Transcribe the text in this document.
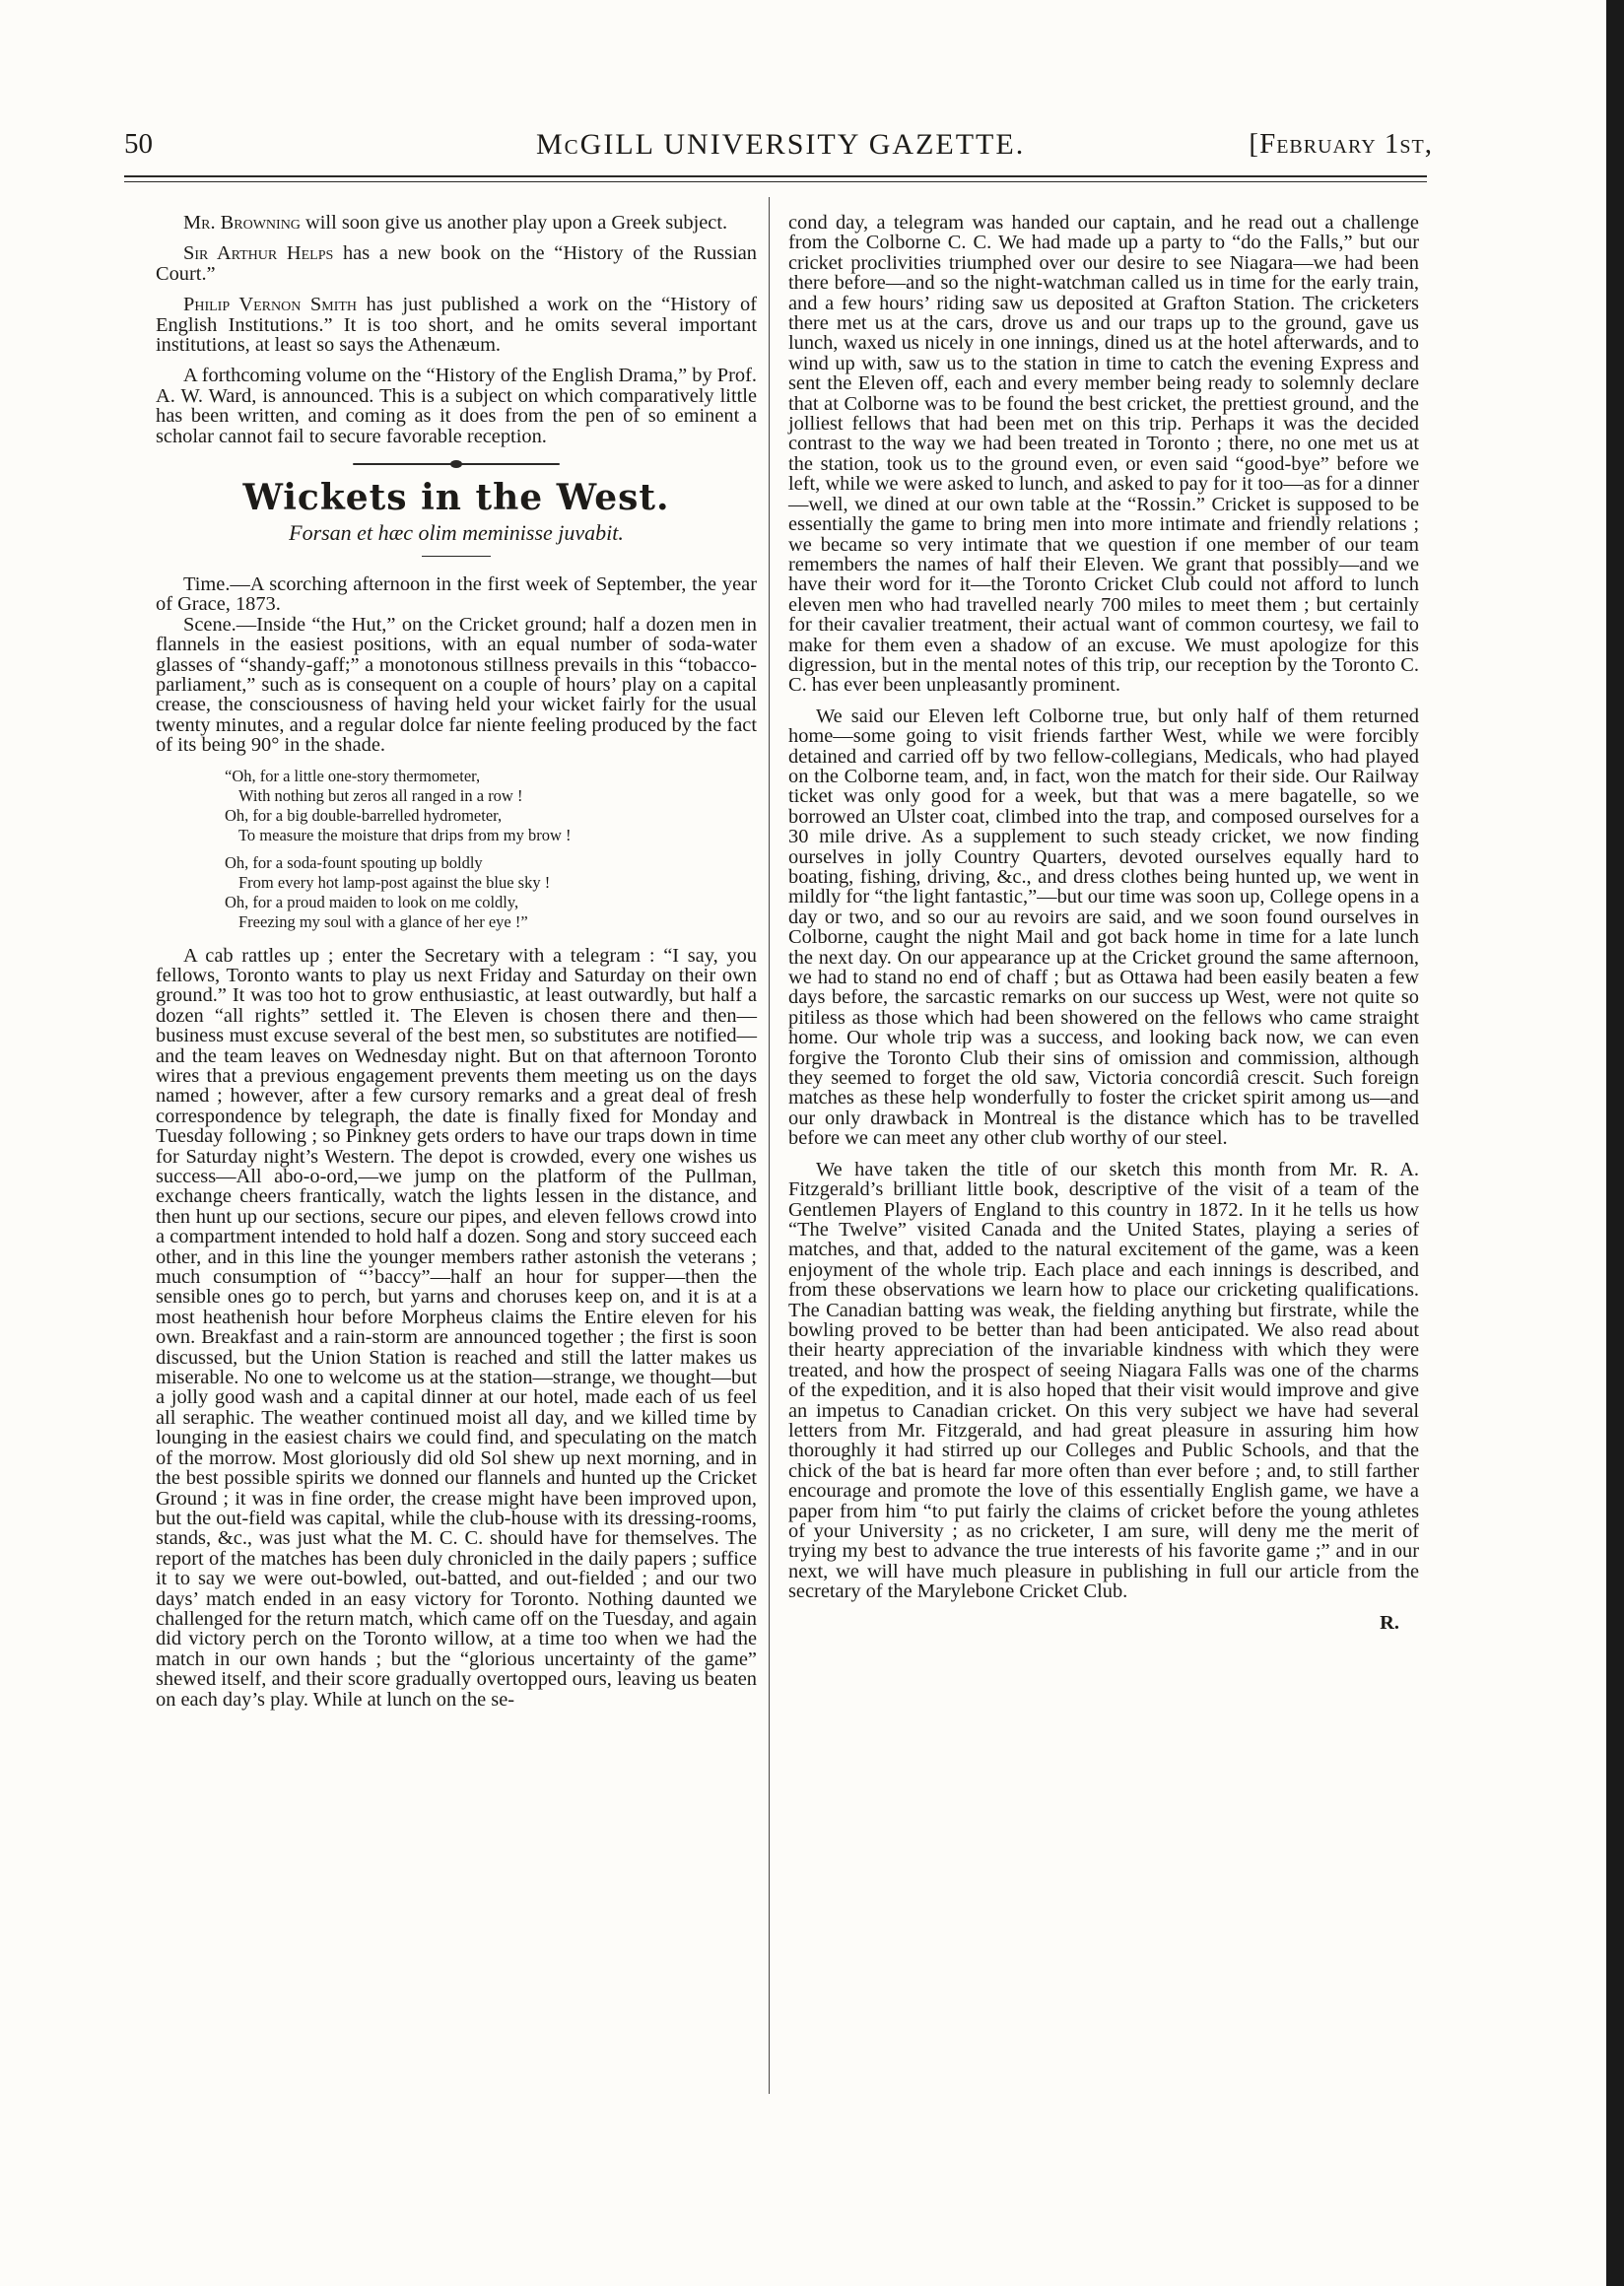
50	McGILL UNIVERSITY GAZETTE.	[February 1st,

Mr. Browning will soon give us another play upon a Greek subject.

Sir Arthur Helps has a new book on the “History of the Russian Court.”

Philip Vernon Smith has just published a work on the “History of English Institutions.” It is too short, and he omits several important institutions, at least so says the Athenæum.

A forthcoming volume on the “History of the English Drama,” by Prof. A. W. Ward, is announced. This is a subject on which comparatively little has been written, and coming as it does from the pen of so eminent a scholar cannot fail to secure favorable reception.

Wickets in the West.
Forsan et hæc olim meminisse juvabit.

Time.—A scorching afternoon in the first week of September, the year of Grace, 1873.

Scene.—Inside “the Hut,” on the Cricket ground; half a dozen men in flannels in the easiest positions, with an equal number of soda-water glasses of “shandy-gaff;” a monotonous stillness prevails in this “tobacco-parliament,” such as is consequent on a couple of hours’ play on a capital crease, the consciousness of having held your wicket fairly for the usual twenty minutes, and a regular dolce far niente feeling produced by the fact of its being 90° in the shade.

“Oh, for a little one-story thermometer,
With nothing but zeros all ranged in a row !
Oh, for a big double-barrelled hydrometer,
To measure the moisture that drips from my brow !
Oh, for a soda-fount spouting up boldly
From every hot lamp-post against the blue sky !
Oh, for a proud maiden to look on me coldly,
Freezing my soul with a glance of her eye !”

A cab rattles up ; enter the Secretary with a telegram : “I say, you fellows, Toronto wants to play us next Friday and Saturday on their own ground.” It was too hot to grow enthusiastic, at least outwardly, but half a dozen “all rights” settled it. The Eleven is chosen there and then—business must excuse several of the best men, so substitutes are notified—and the team leaves on Wednesday night. But on that afternoon Toronto wires that a previous engagement prevents them meeting us on the days named ; however, after a few cursory remarks and a great deal of fresh correspondence by telegraph, the date is finally fixed for Monday and Tuesday following ; so Pinkney gets orders to have our traps down in time for Saturday night’s Western. The depot is crowded, every one wishes us success—All abo-o-ord,—we jump on the platform of the Pullman, exchange cheers frantically, watch the lights lessen in the distance, and then hunt up our sections, secure our pipes, and eleven fellows crowd into a compartment intended to hold half a dozen. Song and story succeed each other, and in this line the younger members rather astonish the veterans ; much consumption of “’baccy”—half an hour for supper—then the sensible ones go to perch, but yarns and choruses keep on, and it is at a most heathenish hour before Morpheus claims the Entire eleven for his own. Breakfast and a rain-storm are announced together ; the first is soon discussed, but the Union Station is reached and still the latter makes us miserable. No one to welcome us at the station—strange, we thought—but a jolly good wash and a capital dinner at our hotel, made each of us feel all seraphic. The weather continued moist all day, and we killed time by lounging in the easiest chairs we could find, and speculating on the match of the morrow. Most gloriously did old Sol shew up next morning, and in the best possible spirits we donned our flannels and hunted up the Cricket Ground ; it was in fine order, the crease might have been improved upon, but the out-field was capital, while the club-house with its dressing-rooms, stands, &c., was just what the M. C. C. should have for themselves. The report of the matches has been duly chronicled in the daily papers ; suffice it to say we were out-bowled, out-batted, and out-fielded ; and our two days’ match ended in an easy victory for Toronto. Nothing daunted we challenged for the return match, which came off on the Tuesday, and again did victory perch on the Toronto willow, at a time too when we had the match in our own hands ; but the “glorious uncertainty of the game” shewed itself, and their score gradually overtopped ours, leaving us beaten on each day’s play. While at lunch on the se-

cond day, a telegram was handed our captain, and he read out a challenge from the Colborne C. C. We had made up a party to “do the Falls,” but our cricket proclivities triumphed over our desire to see Niagara—we had been there before—and so the night-watchman called us in time for the early train, and a few hours’ riding saw us deposited at Grafton Station. The cricketers there met us at the cars, drove us and our traps up to the ground, gave us lunch, waxed us nicely in one innings, dined us at the hotel afterwards, and to wind up with, saw us to the station in time to catch the evening Express and sent the Eleven off, each and every member being ready to solemnly declare that at Colborne was to be found the best cricket, the prettiest ground, and the jolliest fellows that had been met on this trip. Perhaps it was the decided contrast to the way we had been treated in Toronto ; there, no one met us at the station, took us to the ground even, or even said “good-bye” before we left, while we were asked to lunch, and asked to pay for it too—as for a dinner—well, we dined at our own table at the “Rossin.” Cricket is supposed to be essentially the game to bring men into more intimate and friendly relations ; we became so very intimate that we question if one member of our team remembers the names of half their Eleven. We grant that possibly—and we have their word for it—the Toronto Cricket Club could not afford to lunch eleven men who had travelled nearly 700 miles to meet them ; but certainly for their cavalier treatment, their actual want of common courtesy, we fail to make for them even a shadow of an excuse. We must apologize for this digression, but in the mental notes of this trip, our reception by the Toronto C. C. has ever been unpleasantly prominent.

We said our Eleven left Colborne true, but only half of them returned home—some going to visit friends farther West, while we were forcibly detained and carried off by two fellow-collegians, Medicals, who had played on the Colborne team, and, in fact, won the match for their side. Our Railway ticket was only good for a week, but that was a mere bagatelle, so we borrowed an Ulster coat, climbed into the trap, and composed ourselves for a 30 mile drive. As a supplement to such steady cricket, we now finding ourselves in jolly Country Quarters, devoted ourselves equally hard to boating, fishing, driving, &c., and dress clothes being hunted up, we went in mildly for “the light fantastic,”—but our time was soon up, College opens in a day or two, and so our au revoirs are said, and we soon found ourselves in Colborne, caught the night Mail and got back home in time for a late lunch the next day. On our appearance up at the Cricket ground the same afternoon, we had to stand no end of chaff ; but as Ottawa had been easily beaten a few days before, the sarcastic remarks on our success up West, were not quite so pitiless as those which had been showered on the fellows who came straight home. Our whole trip was a success, and looking back now, we can even forgive the Toronto Club their sins of omission and commission, although they seemed to forget the old saw, Victoria concordiâ crescit. Such foreign matches as these help wonderfully to foster the cricket spirit among us—and our only drawback in Montreal is the distance which has to be travelled before we can meet any other club worthy of our steel.

We have taken the title of our sketch this month from Mr. R. A. Fitzgerald’s brilliant little book, descriptive of the visit of a team of the Gentlemen Players of England to this country in 1872. In it he tells us how “The Twelve” visited Canada and the United States, playing a series of matches, and that, added to the natural excitement of the game, was a keen enjoyment of the whole trip. Each place and each innings is described, and from these observations we learn how to place our cricketing qualifications. The Canadian batting was weak, the fielding anything but firstrate, while the bowling proved to be better than had been anticipated. We also read about their hearty appreciation of the invariable kindness with which they were treated, and how the prospect of seeing Niagara Falls was one of the charms of the expedition, and it is also hoped that their visit would improve and give an impetus to Canadian cricket. On this very subject we have had several letters from Mr. Fitzgerald, and had great pleasure in assuring him how thoroughly it had stirred up our Colleges and Public Schools, and that the chick of the bat is heard far more often than ever before ; and, to still farther encourage and promote the love of this essentially English game, we have a paper from him “to put fairly the claims of cricket before the young athletes of your University ; as no cricketer, I am sure, will deny me the merit of trying my best to advance the true interests of his favorite game ;” and in our next, we will have much pleasure in publishing in full our article from the secretary of the Marylebone Cricket Club.

R.
